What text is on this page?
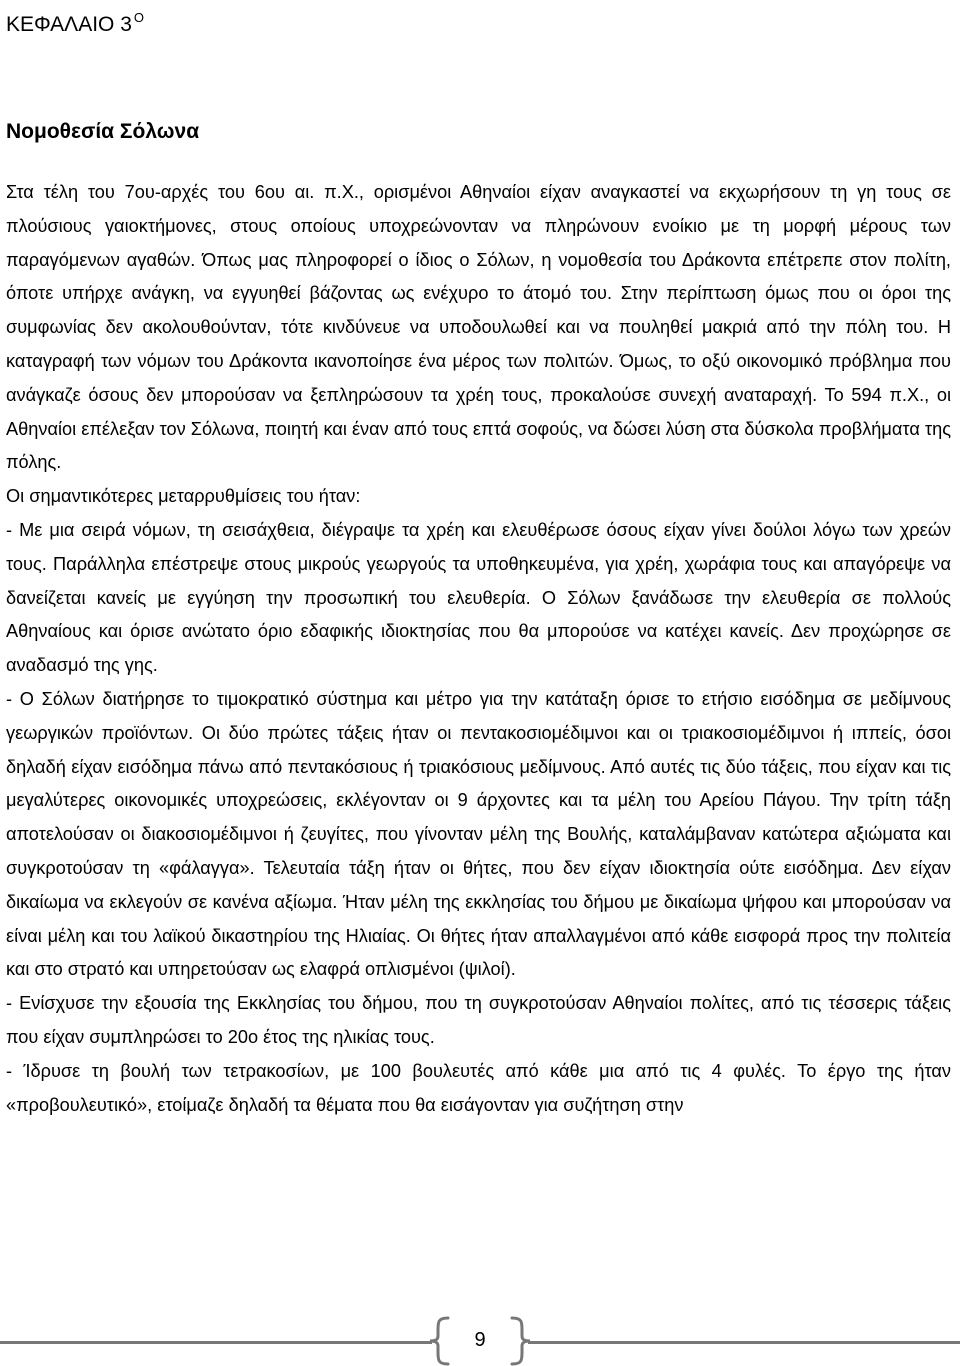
ΚΕΦΑΛΑΙΟ 3 $^O$
Νομοθεσία Σόλωνα

Στα τέλη του 7ου-αρχές του 6ου αι. π.Χ., ορισμένοι Αθηναίοι είχαν αναγκαστεί να εκχωρήσουν τη γη τους σε πλούσιους γαιοκτήμονες, στους οποίους υποχρεώνονταν να πληρώνουν ενοίκιο με τη μορφή μέρους των παραγόμενων αγαθών. Όπως μας πληροφορεί ο ίδιος ο Σόλων, η νομοθεσία του Δράκοντα επέτρεπε στον πολίτη, όποτε υπήρχε ανάγκη, να εγγυηθεί βάζοντας ως ενέχυρο το άτομό του. Στην περίπτωση όμως που οι όροι της συμφωνίας δεν ακολουθούνταν, τότε κινδύνευε να υποδουλωθεί και να πουληθεί μακριά από την πόλη του. Η καταγραφή των νόμων του Δράκοντα ικανοποίησε ένα μέρος των πολιτών. Όμως, το οξύ οικονομικό πρόβλημα που ανάγκαζε όσους δεν μπορούσαν να ξεπληρώσουν τα χρέη τους, προκαλούσε συνεχή αναταραχή. Το 594 π.Χ., οι Αθηναίοι επέλεξαν τον Σόλωνα, ποιητή και έναν από τους επτά σοφούς, να δώσει λύση στα δύσκολα προβλήματα της πόλης.

Οι σημαντικότερες μεταρρυθμίσεις του ήταν:

- Με μια σειρά νόμων, τη σεισάχθεια, διέγραψε τα χρέη και ελευθέρωσε όσους είχαν γίνει δούλοι λόγω των χρεών τους. Παράλληλα επέστρεψε στους μικρούς γεωργούς τα υποθηκευμένα, για χρέη, χωράφια τους και απαγόρεψε να δανείζεται κανείς με εγγύηση την προσωπική του ελευθερία. Ο Σόλων ξανάδωσε την ελευθερία σε πολλούς Αθηναίους και όρισε ανώτατο όριο εδαφικής ιδιοκτησίας που θα μπορούσε να κατέχει κανείς. Δεν προχώρησε σε αναδασμό της γης.

- Ο Σόλων διατήρησε το τιμοκρατικό σύστημα και μέτρο για την κατάταξη όρισε το ετήσιο εισόδημα σε μεδίμνους γεωργικών προϊόντων. Οι δύο πρώτες τάξεις ήταν οι πεντακοσιομέδιμνοι και οι τριακοσιομέδιμνοι ή ιππείς, όσοι δηλαδή είχαν εισόδημα πάνω από πεντακόσιους ή τριακόσιους μεδίμνους. Από αυτές τις δύο τάξεις, που είχαν και τις μεγαλύτερες οικονομικές υποχρεώσεις, εκλέγονταν οι 9 άρχοντες και τα μέλη του Αρείου Πάγου. Την τρίτη τάξη αποτελούσαν οι διακοσιομέδιμνοι ή ζευγίτες, που γίνονταν μέλη της Βουλής, καταλάμβαναν κατώτερα αξιώματα και συγκροτούσαν τη «φάλαγγα». Τελευταία τάξη ήταν οι θήτες, που δεν είχαν ιδιοκτησία ούτε εισόδημα. Δεν είχαν δικαίωμα να εκλεγούν σε κανένα αξίωμα. Ήταν μέλη της εκκλησίας του δήμου με δικαίωμα ψήφου και μπορούσαν να είναι μέλη και του λαϊκού δικαστηρίου της Ηλιαίας. Οι θήτες ήταν απαλλαγμένοι από κάθε εισφορά προς την πολιτεία και στο στρατό και υπηρετούσαν ως ελαφρά οπλισμένοι (ψιλοί).

- Ενίσχυσε την εξουσία της Εκκλησίας του δήμου, που τη συγκροτούσαν Αθηναίοι πολίτες, από τις τέσσερις τάξεις που είχαν συμπληρώσει το 20ο έτος της ηλικίας τους.

- Ίδρυσε τη βουλή των τετρακοσίων, με 100 βουλευτές από κάθε μια από τις 4 φυλές. Το έργο της ήταν «προβουλευτικό», ετοίμαζε δηλαδή τα θέματα που θα εισάγονταν για συζήτηση στην

9
